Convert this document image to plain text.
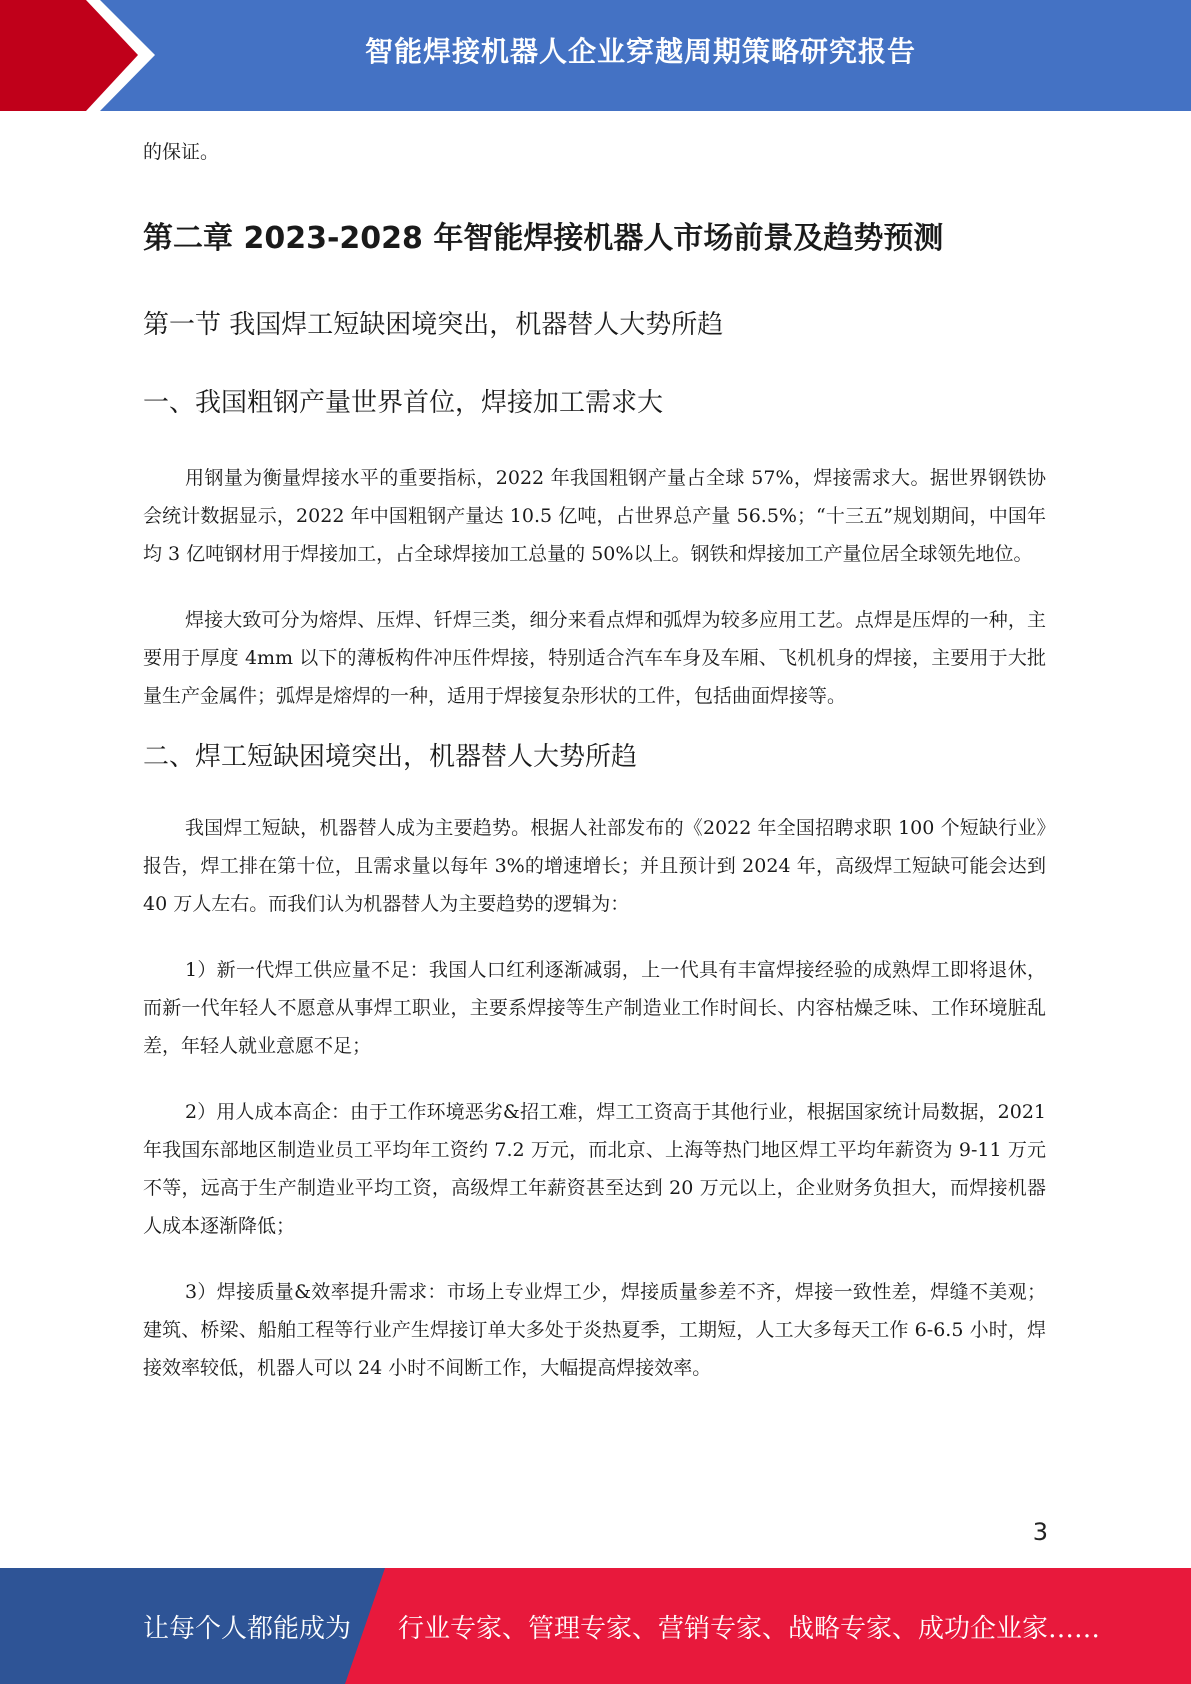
智能焊接机器人企业穿越周期策略研究报告

的保证。

第二章 2023-2028 年智能焊接机器人市场前景及趋势预测
第一节 我国焊工短缺困境突出，机器替人大势所趋
一、我国粗钢产量世界首位，焊接加工需求大

用钢量为衡量焊接水平的重要指标，2022 年我国粗钢产量占全球 57%，焊接需求大。据世界钢铁协会统计数据显示，2022 年中国粗钢产量达 10.5 亿吨，占世界总产量 56.5%；“十三五”规划期间，中国年均 3 亿吨钢材用于焊接加工，占全球焊接加工总量的 50%以上。钢铁和焊接加工产量位居全球领先地位。

焊接大致可分为熔焊、压焊、钎焊三类，细分来看点焊和弧焊为较多应用工艺。点焊是压焊的一种，主要用于厚度 4mm 以下的薄板构件冲压件焊接，特别适合汽车车身及车厢、飞机机身的焊接，主要用于大批量生产金属件；弧焊是熔焊的一种，适用于焊接复杂形状的工件，包括曲面焊接等。

二、焊工短缺困境突出，机器替人大势所趋

我国焊工短缺，机器替人成为主要趋势。根据人社部发布的《2022 年全国招聘求职 100 个短缺行业》报告，焊工排在第十位，且需求量以每年 3%的增速增长；并且预计到 2024 年，高级焊工短缺可能会达到 40 万人左右。而我们认为机器替人为主要趋势的逻辑为：

1）新一代焊工供应量不足：我国人口红利逐渐减弱，上一代具有丰富焊接经验的成熟焊工即将退休，而新一代年轻人不愿意从事焊工职业，主要系焊接等生产制造业工作时间长、内容枯燥乏味、工作环境脏乱差，年轻人就业意愿不足；

2）用人成本高企：由于工作环境恶劣&招工难，焊工工资高于其他行业，根据国家统计局数据，2021 年我国东部地区制造业员工平均年工资约 7.2 万元，而北京、上海等热门地区焊工平均年薪资为 9-11 万元不等，远高于生产制造业平均工资，高级焊工年薪资甚至达到 20 万元以上，企业财务负担大，而焊接机器人成本逐渐降低；

3）焊接质量&效率提升需求：市场上专业焊工少，焊接质量参差不齐，焊接一致性差，焊缝不美观；建筑、桥梁、船舶工程等行业产生焊接订单大多处于炎热夏季，工期短，人工大多每天工作 6-6.5 小时，焊接效率较低，机器人可以 24 小时不间断工作，大幅提高焊接效率。

3
让每个人都能成为 行业专家、管理专家、营销专家、战略专家、成功企业家……
